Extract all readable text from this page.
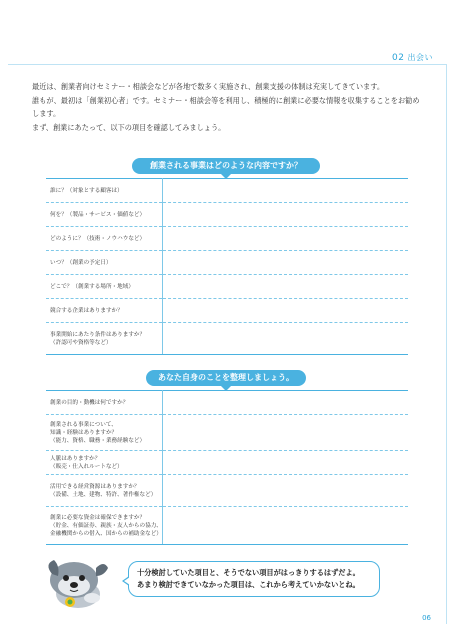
02 出会い

最近は、創業者向けセミナー・相談会などが各地で数多く実施され、創業支援の体制は充実してきています。

誰もが、最初は「創業初心者」です。セミナー・相談会等を利用し、積極的に創業に必要な情報を収集することをお勧めします。

まず、創業にあたって、以下の項目を確認してみましょう。

創業される事業はどのような内容ですか？
誰に？（対象とする顧客は）	
何を？（製品・サービス・価値など）	
どのように？（技術・ノウハウなど）	
いつ？（創業の予定日）	
どこで？（創業する場所・地域）	
競合する企業はありますか？	
事業開始にあたり条件はありますか？
（許認可や資格等など）	
あなた自身のことを整理しましょう。
創業の目的・動機は何ですか？	
創業される事業について、
知識・経験はありますか？
（能力、資格、職務・業務経験など）	
人脈はありますか？
（販売・仕入れルートなど）	
活用できる経営資源はありますか？
（設備、土地、建物、特許、著作権など）	
創業に必要な資金は確保できますか？
（貯金、有価証券、親族・友人からの協力、
金融機関からの借入、国からの補助金など）	

十分検討していた項目と、そうでない項目がはっきりするはずだよ。

あまり検討できていなかった項目は、これから考えていかないとね。

06
